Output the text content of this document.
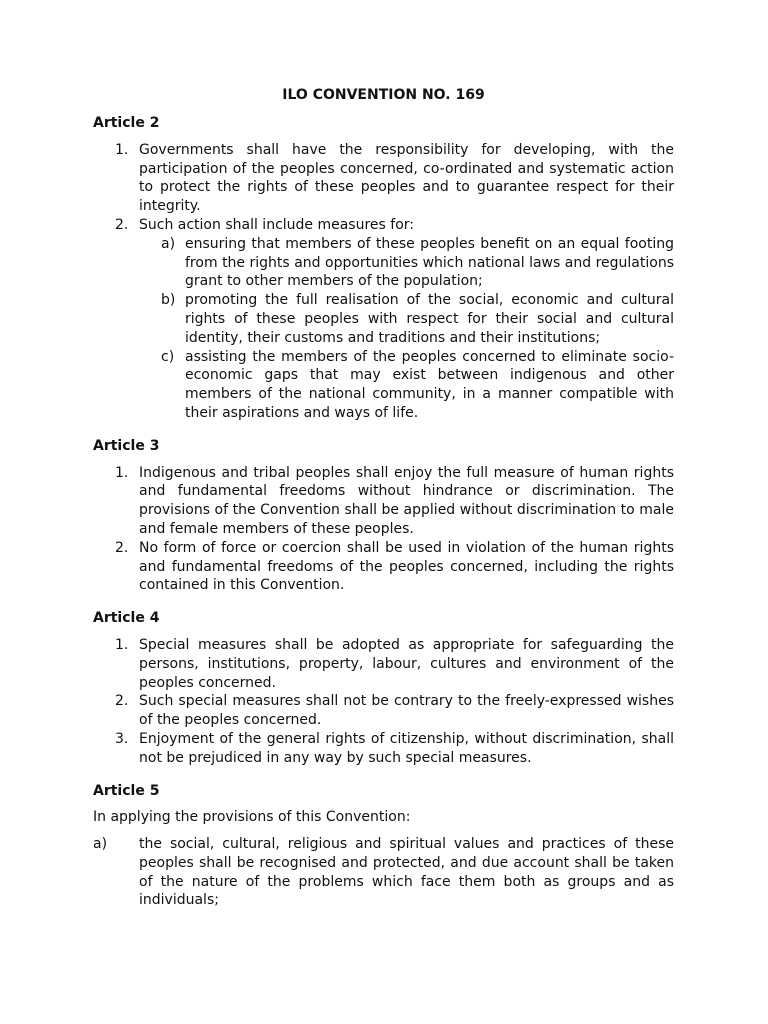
ILO CONVENTION NO. 169
Article 2
1. Governments shall have the responsibility for developing, with the participation of the peoples concerned, co-ordinated and systematic action to protect the rights of these peoples and to guarantee respect for their integrity.
2. Such action shall include measures for:
a) ensuring that members of these peoples benefit on an equal footing from the rights and opportunities which national laws and regulations grant to other members of the population;
b) promoting the full realisation of the social, economic and cultural rights of these peoples with respect for their social and cultural identity, their customs and traditions and their institutions;
c) assisting the members of the peoples concerned to eliminate socio-economic gaps that may exist between indigenous and other members of the national community, in a manner compatible with their aspirations and ways of life.
Article 3
1. Indigenous and tribal peoples shall enjoy the full measure of human rights and fundamental freedoms without hindrance or discrimination. The provisions of the Convention shall be applied without discrimination to male and female members of these peoples.
2. No form of force or coercion shall be used in violation of the human rights and fundamental freedoms of the peoples concerned, including the rights contained in this Convention.
Article 4
1. Special measures shall be adopted as appropriate for safeguarding the persons, institutions, property, labour, cultures and environment of the peoples concerned.
2. Such special measures shall not be contrary to the freely-expressed wishes of the peoples concerned.
3. Enjoyment of the general rights of citizenship, without discrimination, shall not be prejudiced in any way by such special measures.
Article 5

In applying the provisions of this Convention:

a)	the social, cultural, religious and spiritual values and practices of these peoples shall be recognised and protected, and due account shall be taken of the nature of the problems which face them both as groups and as individuals;
